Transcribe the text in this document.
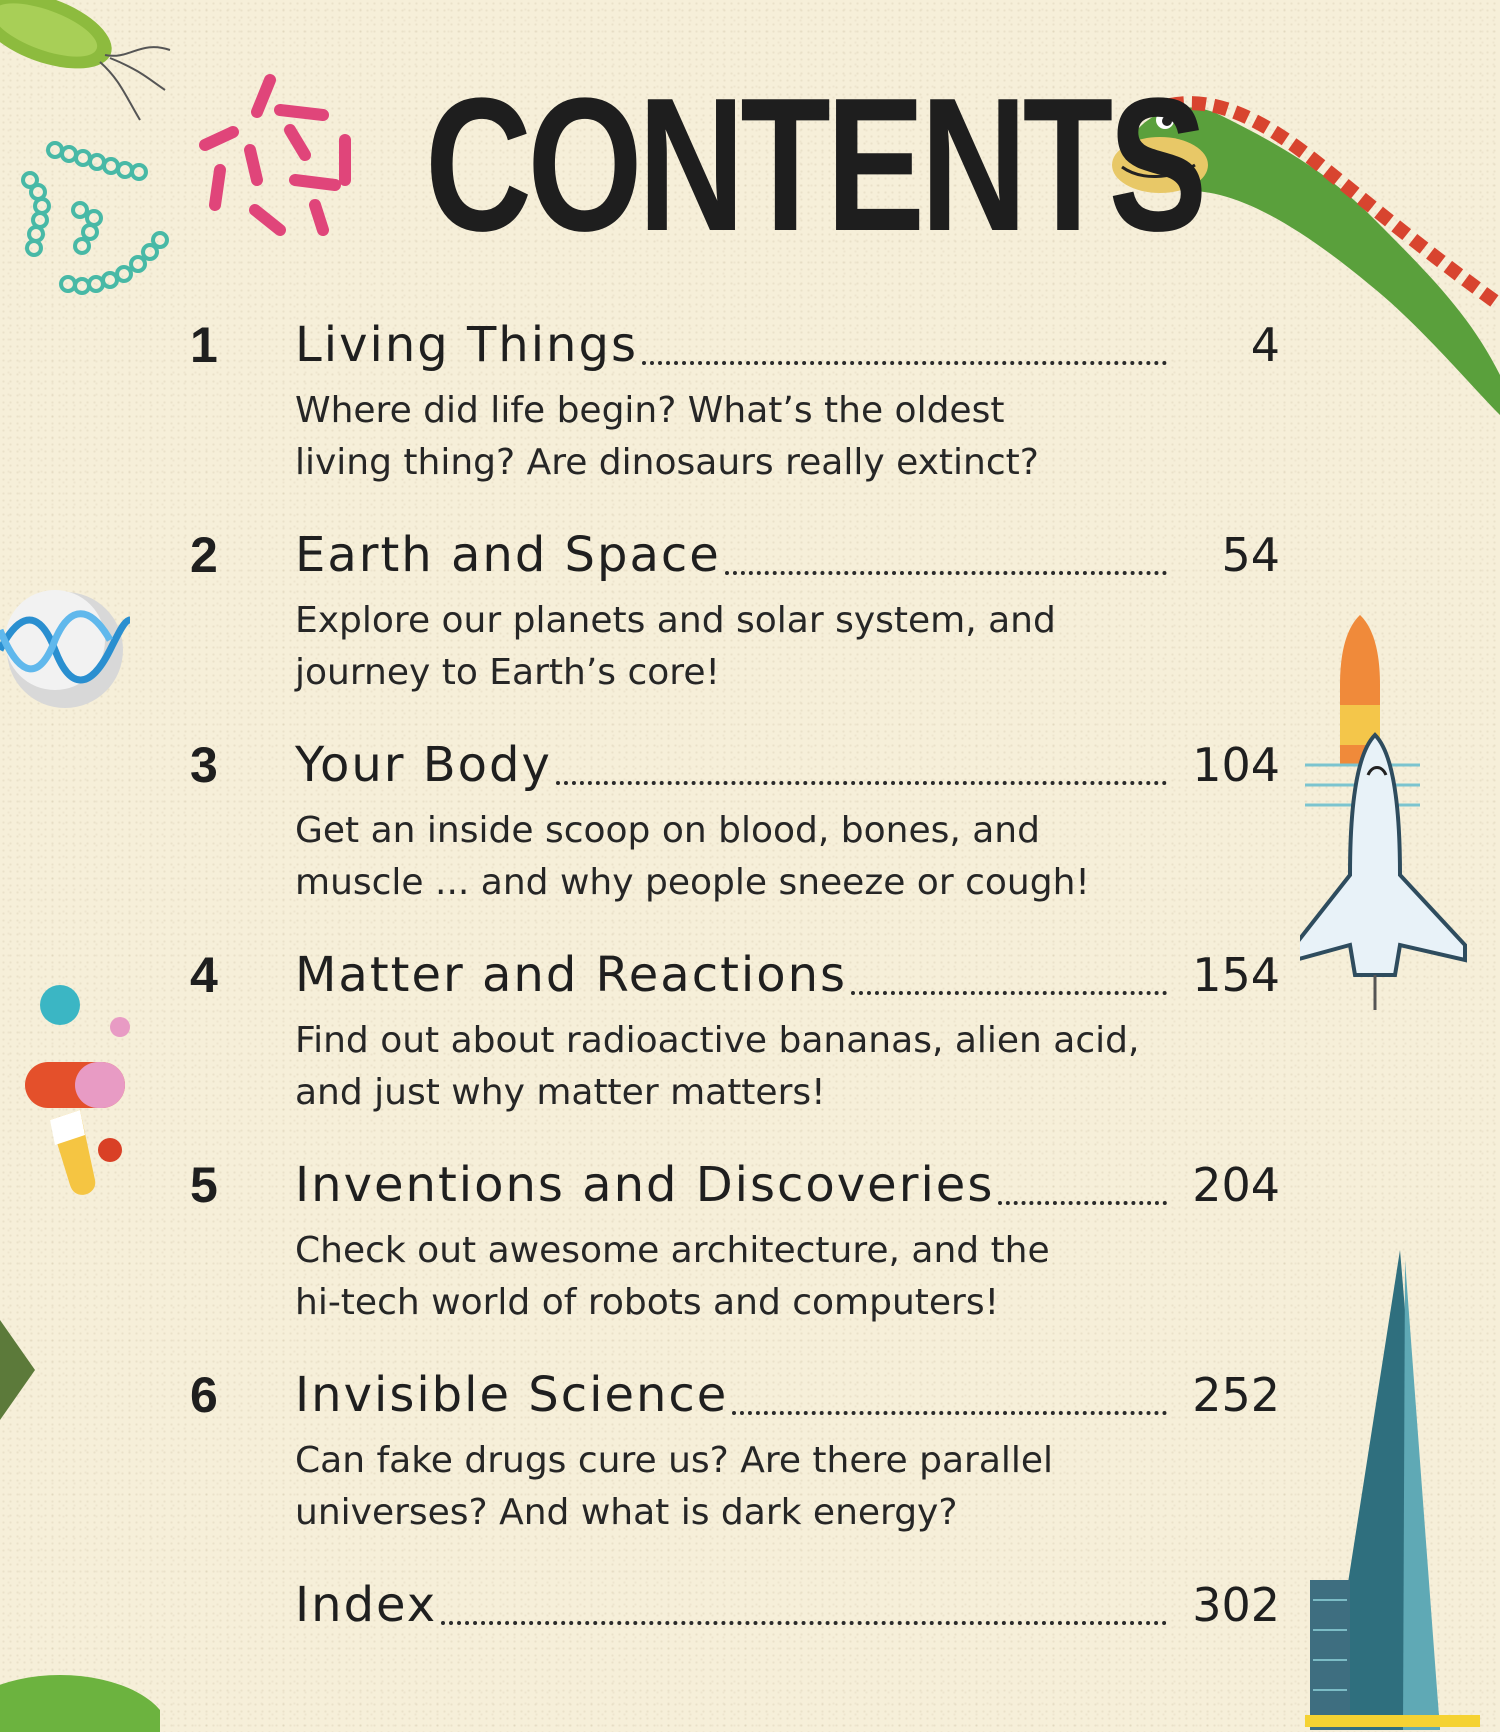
CONTENTS
1 Living Things	4
Where did life begin? What’s the oldest
living thing? Are dinosaurs really extinct?
2 Earth and Space	54
Explore our planets and solar system, and
journey to Earth’s core!
3 Your Body	104
Get an inside scoop on blood, bones, and
muscle ... and why people sneeze or cough!
4 Matter and Reactions	154
Find out about radioactive bananas, alien acid,
and just why matter matters!
5 Inventions and Discoveries	204
Check out awesome architecture, and the
hi-tech world of robots and computers!
6 Invisible Science	252
Can fake drugs cure us? Are there parallel
universes? And what is dark energy?
Index	302
